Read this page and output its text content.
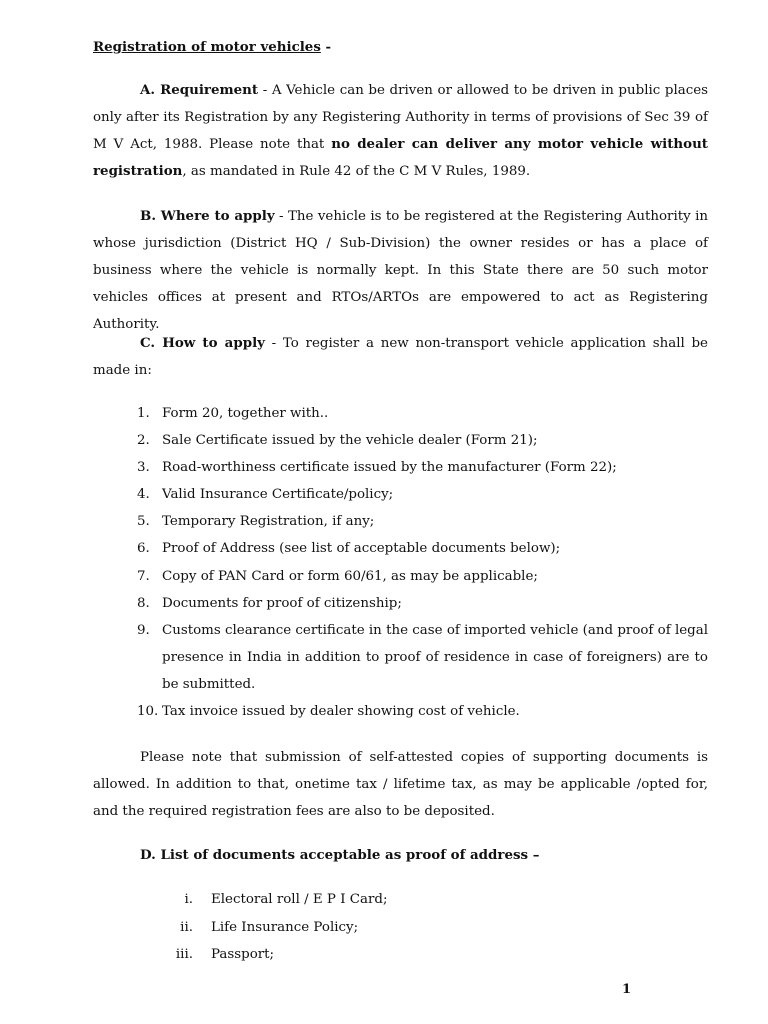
Registration of motor vehicles -

A. Requirement - A Vehicle can be driven or allowed to be driven in public places only after its Registration by any Registering Authority in terms of provisions of Sec 39 of M V Act, 1988. Please note that no dealer can deliver any motor vehicle without registration, as mandated in Rule 42 of the C M V Rules, 1989.

B. Where to apply - The vehicle is to be registered at the Registering Authority in whose jurisdiction (District HQ / Sub-Division) the owner resides or has a place of business where the vehicle is normally kept. In this State there are 50 such motor vehicles offices at present and RTOs/ARTOs are empowered to act as Registering Authority.

C. How to apply - To register a new non-transport vehicle application shall be made in:

1. Form 20, together with..
2. Sale Certificate issued by the vehicle dealer (Form 21);
3. Road-worthiness certificate issued by the manufacturer (Form 22);
4. Valid Insurance Certificate/policy;
5. Temporary Registration, if any;
6. Proof of Address (see list of acceptable documents below);
7. Copy of PAN Card or form 60/61, as may be applicable;
8. Documents for proof of citizenship;
9. Customs clearance certificate in the case of imported vehicle (and proof of legal presence in India in addition to proof of residence in case of foreigners) are to be submitted.
10. Tax invoice issued by dealer showing cost of vehicle.

Please note that submission of self-attested copies of supporting documents is allowed. In addition to that, onetime tax / lifetime tax, as may be applicable /opted for, and the required registration fees are also to be deposited.

D. List of documents acceptable as proof of address –

i. Electoral roll / E P I Card;
ii. Life Insurance Policy;
iii. Passport;

1
